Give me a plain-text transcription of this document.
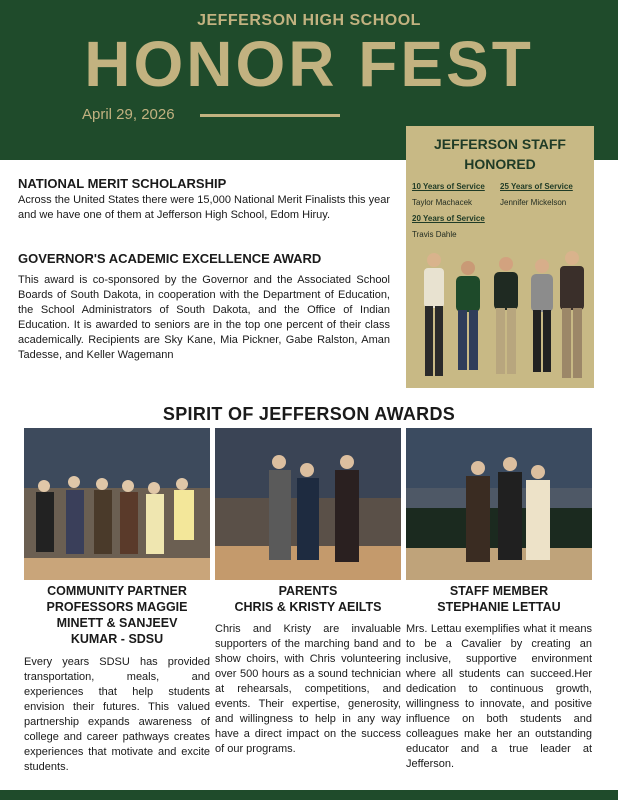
JEFFERSON HIGH SCHOOL
HONOR FEST
April 29, 2026
JEFFERSON STAFF
HONORED
10 Years of Service
Taylor Machacek
25 Years of Service
Jennifer Mickelson
20 Years of Service
Travis Dahle
NATIONAL MERIT SCHOLARSHIP
Across the United States there were 15,000 National Merit Finalists this year and we have one of them at Jefferson High School, Edom Hiruy.
GOVERNOR'S ACADEMIC EXCELLENCE AWARD
This award is co-sponsored by the Governor and the Associated School Boards of South Dakota, in cooperation with the Department of Education, the School Administrators of South Dakota, and the Office of Indian Education. It is awarded to seniors are in the top one percent of their class academically. Recipients are Sky Kane, Mia Pickner, Gabe Ralston, Aman Tadesse, and Keller Wagemann
SPIRIT OF JEFFERSON AWARDS
COMMUNITY PARTNER
PROFESSORS MAGGIE
MINETT & SANJEEV
KUMAR - SDSU
PARENTS
CHRIS & KRISTY AEILTS
STAFF MEMBER
STEPHANIE LETTAU
Every years SDSU has provided transportation, meals, and experiences that help students envision their futures. This valued partnership expands awareness of college and career pathways creates experiences that motivate and excite students.
Chris and Kristy are invaluable supporters of the marching band and show choirs, with Chris volunteering over 500 hours as a sound technician at rehearsals, competitions, and events. Their expertise, generosity, and willingness to help in any way have a direct impact on the success of our programs.
Mrs. Lettau exemplifies what it means to be a Cavalier by creating an inclusive, supportive environment where all students can succeed.Her dedication to continuous growth, willingness to innovate, and positive influence on both students and colleagues make her an outstanding educator and a true leader at Jefferson.
